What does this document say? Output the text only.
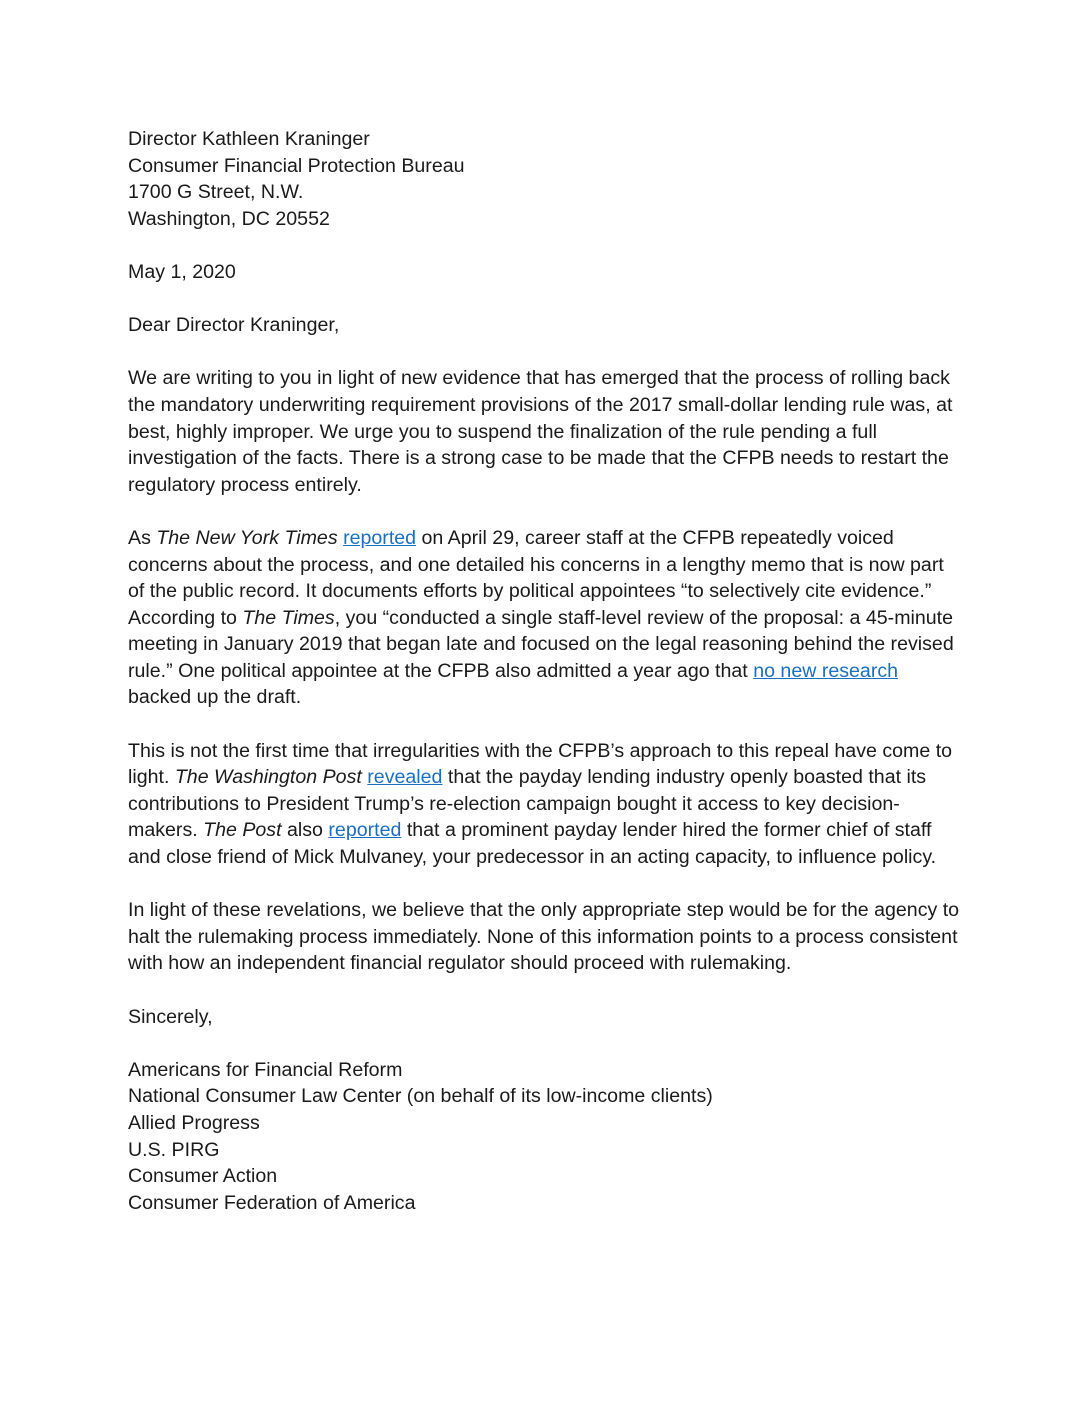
Director Kathleen Kraninger
Consumer Financial Protection Bureau
1700 G Street, N.W.
Washington, DC 20552
May 1, 2020
Dear Director Kraninger,
We are writing to you in light of new evidence that has emerged that the process of rolling back
the mandatory underwriting requirement provisions of the 2017 small-dollar lending rule was, at
best, highly improper. We urge you to suspend the finalization of the rule pending a full
investigation of the facts. There is a strong case to be made that the CFPB needs to restart the
regulatory process entirely.
As The New York Times reported on April 29, career staff at the CFPB repeatedly voiced
concerns about the process, and one detailed his concerns in a lengthy memo that is now part
of the public record. It documents efforts by political appointees “to selectively cite evidence.”
According to The Times, you “conducted a single staff-level review of the proposal: a 45-minute
meeting in January 2019 that began late and focused on the legal reasoning behind the revised
rule.” One political appointee at the CFPB also admitted a year ago that no new research
backed up the draft.
This is not the first time that irregularities with the CFPB’s approach to this repeal have come to
light. The Washington Post revealed that the payday lending industry openly boasted that its
contributions to President Trump’s re-election campaign bought it access to key decision-
makers. The Post also reported that a prominent payday lender hired the former chief of staff
and close friend of Mick Mulvaney, your predecessor in an acting capacity, to influence policy.
In light of these revelations, we believe that the only appropriate step would be for the agency to
halt the rulemaking process immediately. None of this information points to a process consistent
with how an independent financial regulator should proceed with rulemaking.
Sincerely,
Americans for Financial Reform
National Consumer Law Center (on behalf of its low-income clients)
Allied Progress
U.S. PIRG
Consumer Action
Consumer Federation of America
